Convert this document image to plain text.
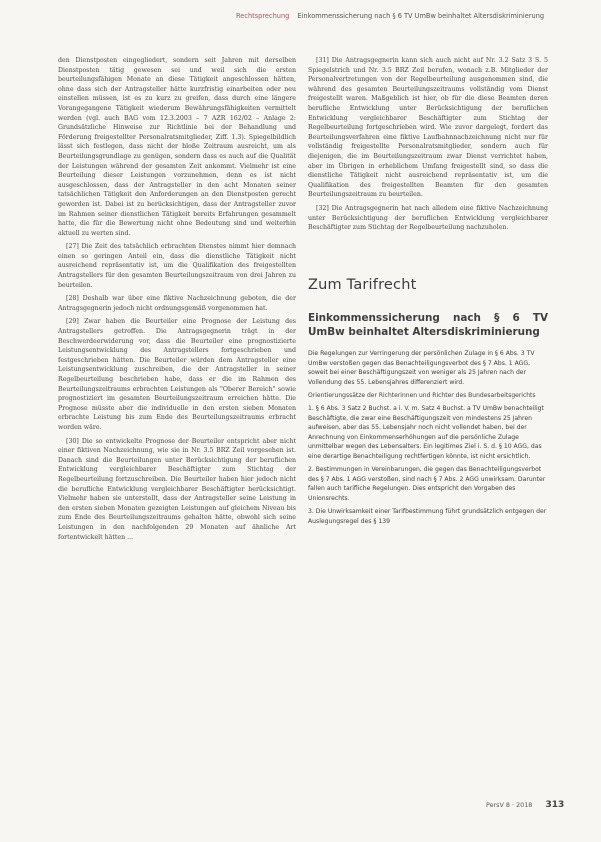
Rechtsprechung Einkommenssicherung nach § 6 TV UmBw beinhaltet Altersdiskriminierung

den Dienstposten eingegliedert, sondern seit Jahren mit derselben Dienstposten tätig gewesen sei und weil sich die ersten beurteilungsfähigen Monate an diese Tätigkeit angeschlossen hätten, ohne dass sich der Antragsteller hätte kurzfristig einarbeiten oder neu einstellen müssen, ist es zu kurz zu greifen, dass durch eine längere Vorangegangene Tätigkeit wiederum Bewährungsfähigkeiten vermittelt werden (vgl. auch BAG vom 12.3.2003 – 7 AZR 162/02 – Anlage 2: Grundsätzliche Hinweise zur Richtlinie bei der Behandlung und Förderung freigestellter Personalratsmitglieder, Ziff. 1.3). Spiegelbildlich lässt sich festlegen, dass nicht der bloße Zeitraum ausreicht, um als Beurteilungsgrundlage zu genügen, sondern dass es auch auf die Qualität der Leistungen während der gesamten Zeit ankommt. Vielmehr ist eine Beurteilung dieser Leistungen vorzunehmen, denn es ist nicht ausgeschlossen, dass der Antragsteller in den acht Monaten seiner tatsächlichen Tätigkeit den Anforderungen an den Dienstposten gerecht geworden ist. Dabei ist zu berücksichtigen, dass der Antragsteller zuvor im Rahmen seiner dienstlichen Tätigkeit bereits Erfahrungen gesammelt hatte, die für die Bewertung nicht ohne Bedeutung sind und weiterhin aktuell zu werten sind.

[27] Die Zeit des tatsächlich erbrachten Dienstes nimmt hier demnach einen so geringen Anteil ein, dass die dienstliche Tätigkeit nicht ausreichend repräsentativ ist, um die Qualifikation des freigestellten Antragstellers für den gesamten Beurteilungszeitraum von drei Jahren zu beurteilen.

[28] Deshalb war über eine fiktive Nachzeichnung geboten, die der Antragsgegnerin jedoch nicht ordnungsgemäß vorgenommen hat.

[29] Zwar haben die Beurteiler eine Prognose der Leistung des Antragstellers getroffen. Die Antragsgegnerin trägt in der Beschwerdeerwiderung vor, dass die Beurteiler eine prognostizierte Leistungsentwicklung des Antragstellers fortgeschrieben und festgeschrieben hätten. Die Beurteiler würden dem Antragsteller eine Leistungsentwicklung zuschreiben, die der Antragsteller in seiner Regelbeurteilung beschrieben habe, dass er die im Rahmen des Beurteilungszeitraums erbrachten Leistungen als "Oberer Bereich" sowie prognostiziert im gesamten Beurteilungszeitraum erreichen hätte. Die Prognose müsste aber die individuelle in den ersten sieben Monaten erbrachte Leistung bis zum Ende des Beurteilungszeitraums erbracht worden wäre.

[30] Die so entwickelte Prognose der Beurteiler entspricht aber nicht einer fiktiven Nachzeichnung, wie sie in Nr. 3.5 BRZ Zeil vorgesehen ist. Danach sind die Beurteilungen unter Berücksichtigung der beruflichen Entwicklung vergleichbarer Beschäftigter zum Stichtag der Regelbeurteilung fortzuschreiben. Die Beurteiler haben hier jedoch nicht die berufliche Entwicklung vergleichbarer Beschäftigter berücksichtigt. Vielmehr haben sie unterstellt, dass der Antragsteller seine Leistung in den ersten sieben Monaten gezeigten Leistungen auf gleichem Niveau bis zum Ende des Beurteilungszeitraums gehalten hätte, obwohl sich seine Leistungen in den nachfolgenden 29 Monaten auf ähnliche Art fortentwickelt hätten ...

[31] Die Antragsgegnerin kann sich auch nicht auf Nr. 3.2 Satz 3 S. 5 Spiegelstrich und Nr. 3.5 BRZ Zeil berufen, wonach z.B. Mitglieder der Personalvertretungen von der Regelbeurteilung ausgenommen sind, die während des gesamten Beurteilungszeitraums vollständig vom Dienst freigestellt waren. Maßgeblich ist hier, ob für die diese Beamten deren berufliche Entwicklung unter Berücksichtigung der beruflichen Entwicklung vergleichbarer Beschäftigter zum Stichtag der Regelbeurteilung fortgeschrieben wird. Wie zuvor dargelegt, fordert das Beurteilungsverfahren eine fiktive Laufbahnnachzeichnung nicht nur für vollständig freigestellte Personalratsmitglieder, sondern auch für diejenigen, die im Beurteilungszeitraum zwar Dienst verrichtet haben, aber im Übrigen in erheblichem Umfang freigestellt sind, so dass die dienstliche Tätigkeit nicht ausreichend repräsentativ ist, um die Qualifikation des freigestellten Beamten für den gesamten Beurteilungszeitraum zu beurteilen.

[32] Die Antragsgegnerin hat nach alledem eine fiktive Nachzeichnung unter Berücksichtigung der beruflichen Entwicklung vergleichbarer Beschäftigter zum Stichtag der Regelbeurteilung nachzuholen.

Zum Tarifrecht
Einkommenssicherung nach § 6 TV UmBw beinhaltet Altersdiskriminierung

Die Regelungen zur Verringerung der persönlichen Zulage in § 6 Abs. 3 TV UmBw verstoßen gegen das Benachteiligungsverbot des § 7 Abs. 1 AGG, soweit bei einer Beschäftigungszeit von weniger als 25 Jahren nach der Vollendung des 55. Lebensjahres differenziert wird.

Orientierungssätze der Richterinnen und Richter des Bundesarbeitsgerichts

1. § 6 Abs. 3 Satz 2 Buchst. a i. V. m. Satz 4 Buchst. a TV UmBw benachteiligt Beschäftigte, die zwar eine Beschäftigungszeit von mindestens 25 Jahren aufweisen, aber das 55. Lebensjahr noch nicht vollendet haben, bei der Anrechnung von Einkommenserhöhungen auf die persönliche Zulage unmittelbar wegen des Lebensalters. Ein legitimes Ziel i. S. d. § 10 AGG, das eine derartige Benachteiligung rechtfertigen könnte, ist nicht ersichtlich.

2. Bestimmungen in Vereinbarungen, die gegen das Benachteiligungsverbot des § 7 Abs. 1 AGG verstoßen, sind nach § 7 Abs. 2 AGG unwirksam. Darunter fallen auch tarifliche Regelungen. Dies entspricht den Vorgaben des Unionsrechts.

3. Die Unwirksamkeit einer Tarifbestimmung führt grundsätzlich entgegen der Auslegungsregel des § 139

PersV 8 · 2018 313
